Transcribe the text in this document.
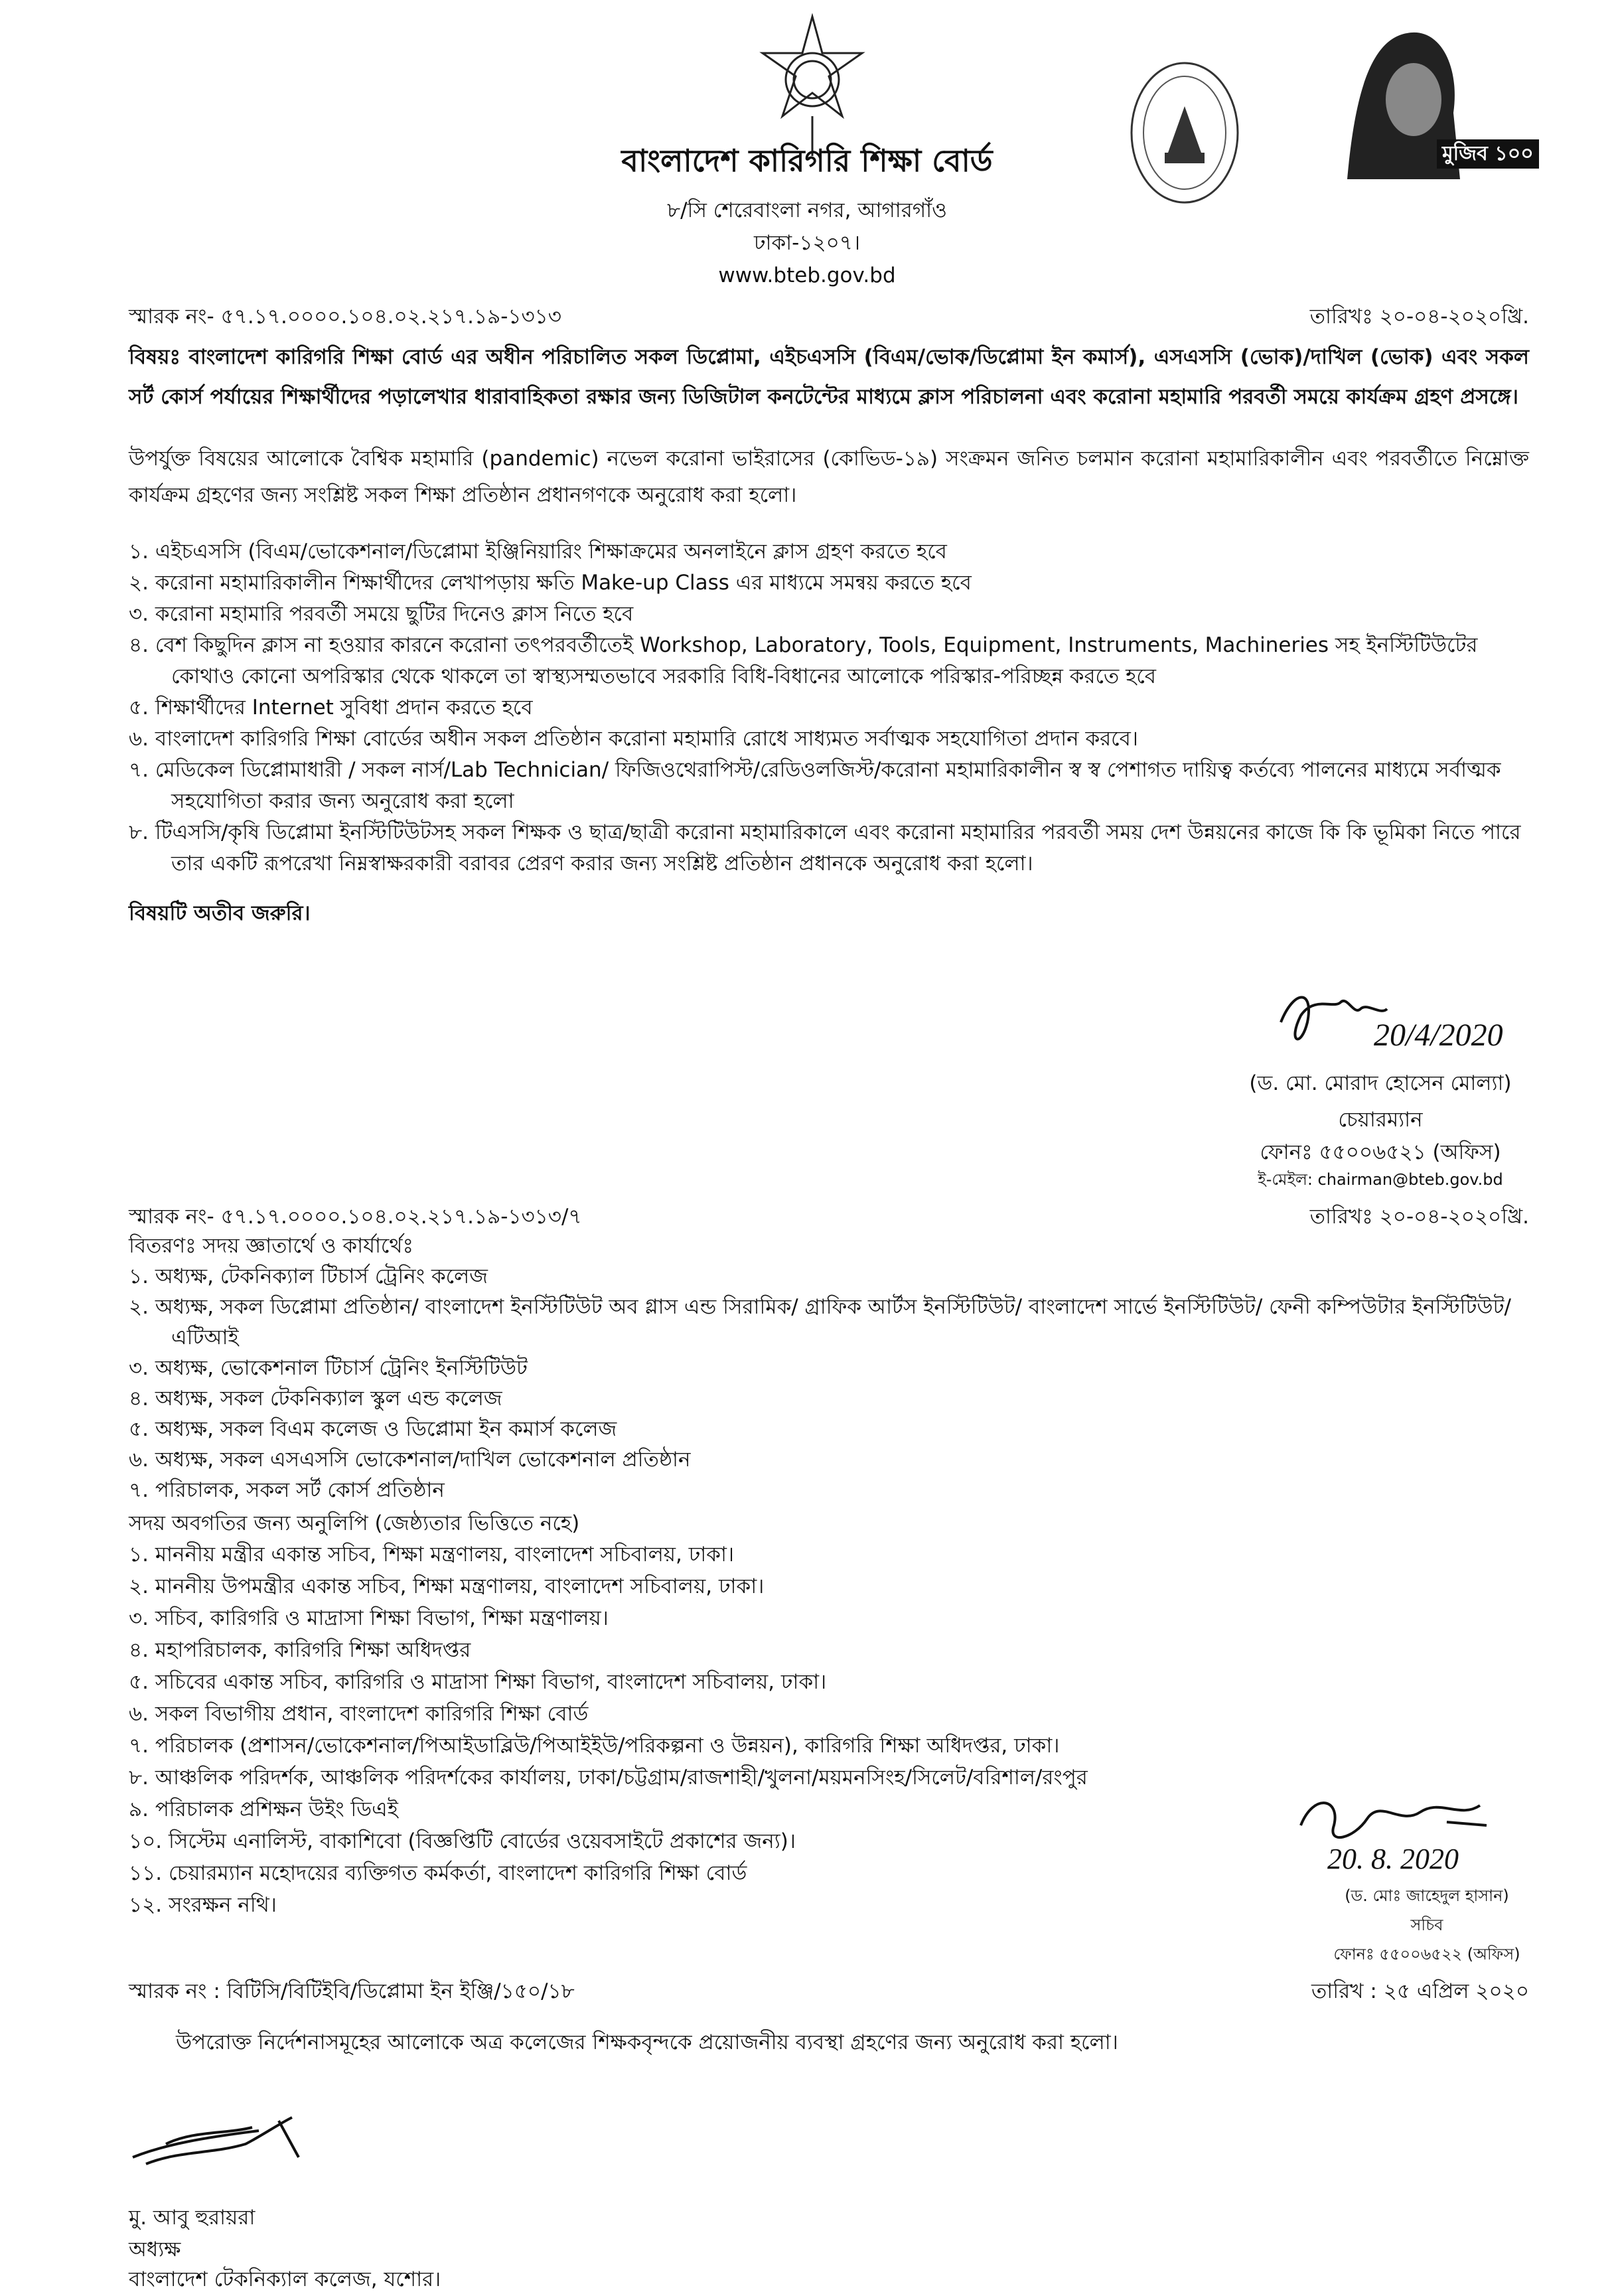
মুজিব ১০০
বাংলাদেশ কারিগরি শিক্ষা বোর্ড
৮/সি শেরেবাংলা নগর, আগারগাঁও
ঢাকা-১২০৭।
www.bteb.gov.bd
স্মারক নং- ৫৭.১৭.০০০০.১০৪.০২.২১৭.১৯-১৩১৩	তারিখঃ ২০-০৪-২০২০খ্রি.
বিষয়ঃ বাংলাদেশ কারিগরি শিক্ষা বোর্ড এর অধীন পরিচালিত সকল ডিপ্লোমা, এইচএসসি (বিএম/ভোক/ডিপ্লোমা ইন কমার্স), এসএসসি (ভোক)/দাখিল (ভোক) এবং সকল সর্ট কোর্স পর্যায়ের শিক্ষার্থীদের পড়ালেখার ধারাবাহিকতা রক্ষার জন্য ডিজিটাল কনটেন্টের মাধ্যমে ক্লাস পরিচালনা এবং করোনা মহামারি পরবর্তী সময়ে কার্যক্রম গ্রহণ প্রসঙ্গে।
উপর্যুক্ত বিষয়ের আলোকে বৈশ্বিক মহামারি (pandemic) নভেল করোনা ভাইরাসের (কোভিড-১৯) সংক্রমন জনিত চলমান করোনা মহামারিকালীন এবং পরবর্তীতে নিম্নোক্ত কার্যক্রম গ্রহণের জন্য সংশ্লিষ্ট সকল শিক্ষা প্রতিষ্ঠান প্রধানগণকে অনুরোধ করা হলো।
১. এইচএসসি (বিএম/ভোকেশনাল/ডিপ্লোমা ইঞ্জিনিয়ারিং শিক্ষাক্রমের অনলাইনে ক্লাস গ্রহণ করতে হবে
২. করোনা মহামারিকালীন শিক্ষার্থীদের লেখাপড়ায় ক্ষতি Make-up Class এর মাধ্যমে সমন্বয় করতে হবে
৩. করোনা মহামারি পরবর্তী সময়ে ছুটির দিনেও ক্লাস নিতে হবে
৪. বেশ কিছুদিন ক্লাস না হওয়ার কারনে করোনা তৎপরবর্তীতেই Workshop, Laboratory, Tools, Equipment, Instruments, Machineries সহ ইনস্টিটিউটের কোথাও কোনো অপরিস্কার থেকে থাকলে তা স্বাস্থ্যসম্মতভাবে সরকারি বিধি-বিধানের আলোকে পরিস্কার-পরিচ্ছন্ন করতে হবে
৫. শিক্ষার্থীদের Internet সুবিধা প্রদান করতে হবে
৬. বাংলাদেশ কারিগরি শিক্ষা বোর্ডের অধীন সকল প্রতিষ্ঠান করোনা মহামারি রোধে সাধ্যমত সর্বাত্মক সহযোগিতা প্রদান করবে।
৭. মেডিকেল ডিপ্লোমাধারী / সকল নার্স/Lab Technician/ ফিজিওথেরাপিস্ট/রেডিওলজিস্ট/করোনা মহামারিকালীন স্ব স্ব পেশাগত দায়িত্ব কর্তব্যে পালনের মাধ্যমে সর্বাত্মক সহযোগিতা করার জন্য অনুরোধ করা হলো
৮. টিএসসি/কৃষি ডিপ্লোমা ইনস্টিটিউটসহ সকল শিক্ষক ও ছাত্র/ছাত্রী করোনা মহামারিকালে এবং করোনা মহামারির পরবর্তী সময় দেশ উন্নয়নের কাজে কি কি ভূমিকা নিতে পারে তার একটি রূপরেখা নিম্নস্বাক্ষরকারী বরাবর প্রেরণ করার জন্য সংশ্লিষ্ট প্রতিষ্ঠান প্রধানকে অনুরোধ করা হলো।
বিষয়টি অতীব জরুরি।
20/4/2020
(ড. মো. মোরাদ হোসেন মোল্যা)
চেয়ারম্যান
ফোনঃ ৫৫০০৬৫২১ (অফিস)
ই-মেইল: chairman@bteb.gov.bd
স্মারক নং- ৫৭.১৭.০০০০.১০৪.০২.২১৭.১৯-১৩১৩/৭	তারিখঃ ২০-০৪-২০২০খ্রি.
বিতরণঃ সদয় জ্ঞাতার্থে ও কার্যার্থেঃ
১. অধ্যক্ষ, টেকনিক্যাল টিচার্স ট্রেনিং কলেজ
২. অধ্যক্ষ, সকল ডিপ্লোমা প্রতিষ্ঠান/ বাংলাদেশ ইনস্টিটিউট অব গ্লাস এন্ড সিরামিক/ গ্রাফিক আর্টস ইনস্টিটিউট/ বাংলাদেশ সার্ভে ইনস্টিটিউট/ ফেনী কম্পিউটার ইনস্টিটিউট/ এটিআই
৩. অধ্যক্ষ, ভোকেশনাল টিচার্স ট্রেনিং ইনস্টিটিউট
৪. অধ্যক্ষ, সকল টেকনিক্যাল স্কুল এন্ড কলেজ
৫. অধ্যক্ষ, সকল বিএম কলেজ ও ডিপ্লোমা ইন কমার্স কলেজ
৬. অধ্যক্ষ, সকল এসএসসি ভোকেশনাল/দাখিল ভোকেশনাল প্রতিষ্ঠান
৭. পরিচালক, সকল সর্ট কোর্স প্রতিষ্ঠান
সদয় অবগতির জন্য অনুলিপি (জেষ্ঠ্যতার ভিত্তিতে নহে)
১. মাননীয় মন্ত্রীর একান্ত সচিব, শিক্ষা মন্ত্রণালয়, বাংলাদেশ সচিবালয়, ঢাকা।
২. মাননীয় উপমন্ত্রীর একান্ত সচিব, শিক্ষা মন্ত্রণালয়, বাংলাদেশ সচিবালয়, ঢাকা।
৩. সচিব, কারিগরি ও মাদ্রাসা শিক্ষা বিভাগ, শিক্ষা মন্ত্রণালয়।
৪. মহাপরিচালক, কারিগরি শিক্ষা অধিদপ্তর
৫. সচিবের একান্ত সচিব, কারিগরি ও মাদ্রাসা শিক্ষা বিভাগ, বাংলাদেশ সচিবালয়, ঢাকা।
৬. সকল বিভাগীয় প্রধান, বাংলাদেশ কারিগরি শিক্ষা বোর্ড
৭. পরিচালক (প্রশাসন/ভোকেশনাল/পিআইডাব্লিউ/পিআইইউ/পরিকল্পনা ও উন্নয়ন), কারিগরি শিক্ষা অধিদপ্তর, ঢাকা।
৮. আঞ্চলিক পরিদর্শক, আঞ্চলিক পরিদর্শকের কার্যালয়, ঢাকা/চট্টগ্রাম/রাজশাহী/খুলনা/ময়মনসিংহ/সিলেট/বরিশাল/রংপুর
৯. পরিচালক প্রশিক্ষন উইং ডিএই
১০. সিস্টেম এনালিস্ট, বাকাশিবো (বিজ্ঞপ্তিটি বোর্ডের ওয়েবসাইটে প্রকাশের জন্য)।
১১. চেয়ারম্যান মহোদয়ের ব্যক্তিগত কর্মকর্তা, বাংলাদেশ কারিগরি শিক্ষা বোর্ড
১২. সংরক্ষন নথি।
20. 8. 2020
(ড. মোঃ জাহেদুল হাসান)
সচিব
ফোনঃ ৫৫০০৬৫২২ (অফিস)
স্মারক নং : বিটিসি/বিটিইবি/ডিপ্লোমা ইন ইঞ্জি/১৫০/১৮	তারিখ : ২৫ এপ্রিল ২০২০
উপরোক্ত নির্দেশনাসমূহের আলোকে অত্র কলেজের শিক্ষকবৃন্দকে প্রয়োজনীয় ব্যবস্থা গ্রহণের জন্য অনুরোধ করা হলো।
মু. আবু হুরায়রা
অধ্যক্ষ
বাংলাদেশ টেকনিক্যাল কলেজ, যশোর।
